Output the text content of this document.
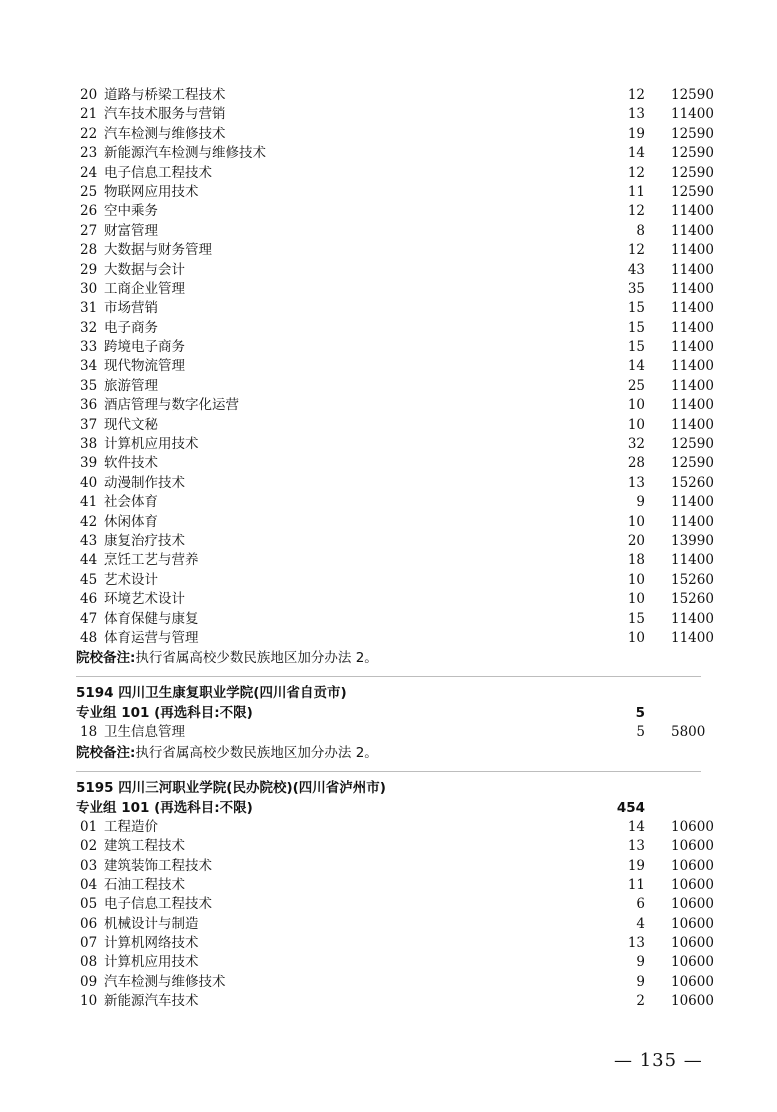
20 道路与桥梁工程技术	12 12590
21 汽车技术服务与营销	13 11400
22 汽车检测与维修技术	19 12590
23 新能源汽车检测与维修技术	14 12590
24 电子信息工程技术	12 12590
25 物联网应用技术	11 12590
26 空中乘务	12 11400
27 财富管理	8 11400
28 大数据与财务管理	12 11400
29 大数据与会计	43 11400
30 工商企业管理	35 11400
31 市场营销	15 11400
32 电子商务	15 11400
33 跨境电子商务	15 11400
34 现代物流管理	14 11400
35 旅游管理	25 11400
36 酒店管理与数字化运营	10 11400
37 现代文秘	10 11400
38 计算机应用技术	32 12590
39 软件技术	28 12590
40 动漫制作技术	13 15260
41 社会体育	9 11400
42 休闲体育	10 11400
43 康复治疗技术	20 13990
44 烹饪工艺与营养	18 11400
45 艺术设计	10 15260
46 环境艺术设计	10 15260
47 体育保健与康复	15 11400
48 体育运营与管理	10 11400
院校备注:执行省属高校少数民族地区加分办法 2。
5194 四川卫生康复职业学院(四川省自贡市)
专业组 101 (再选科目:不限)	5
18 卫生信息管理	5 5800
院校备注:执行省属高校少数民族地区加分办法 2。
5195 四川三河职业学院(民办院校)(四川省泸州市)
专业组 101 (再选科目:不限)	454
01 工程造价	14 10600
02 建筑工程技术	13 10600
03 建筑装饰工程技术	19 10600
04 石油工程技术	11 10600
05 电子信息工程技术	6 10600
06 机械设计与制造	4 10600
07 计算机网络技术	13 10600
08 计算机应用技术	9 10600
09 汽车检测与维修技术	9 10600
10 新能源汽车技术	2 10600
— 135 —
